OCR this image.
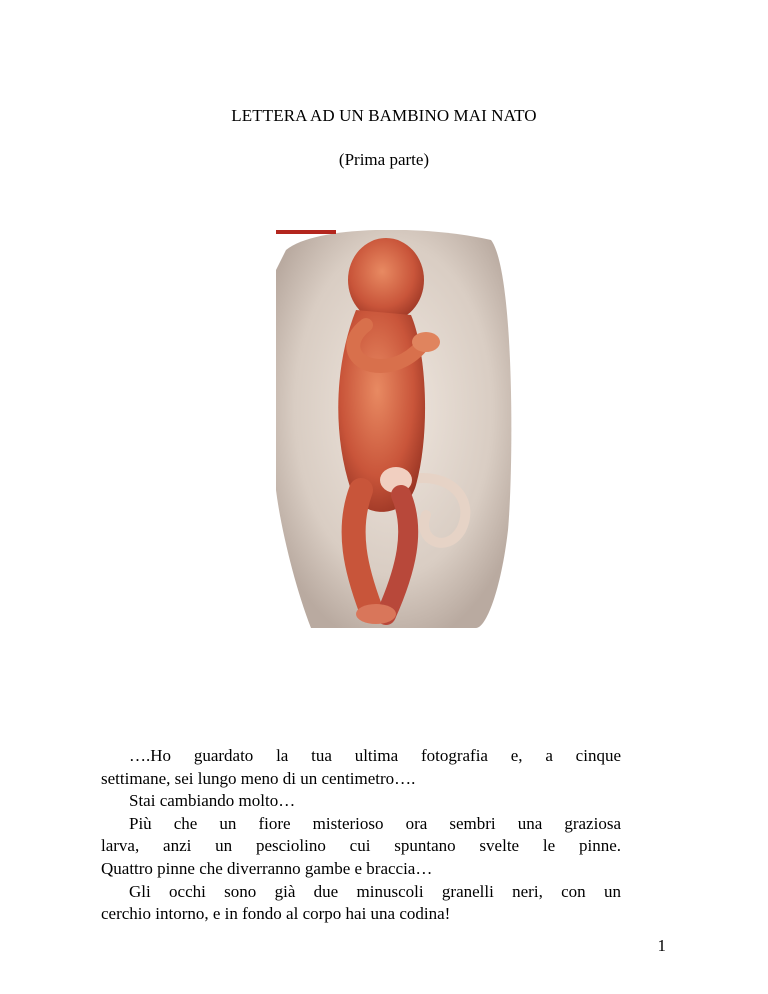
LETTERA AD UN BAMBINO MAI NATO
(Prima parte)

….Ho guardato la tua ultima fotografia e, a cinque
settimane, sei lungo meno di un centimetro….

Stai cambiando molto…

Più che un fiore misterioso ora sembri una graziosa
larva, anzi un pesciolino cui spuntano svelte le pinne.
Quattro pinne che diverranno gambe e braccia…

Gli occhi sono già due minuscoli granelli neri, con un
cerchio intorno, e in fondo al corpo hai una codina!

1
